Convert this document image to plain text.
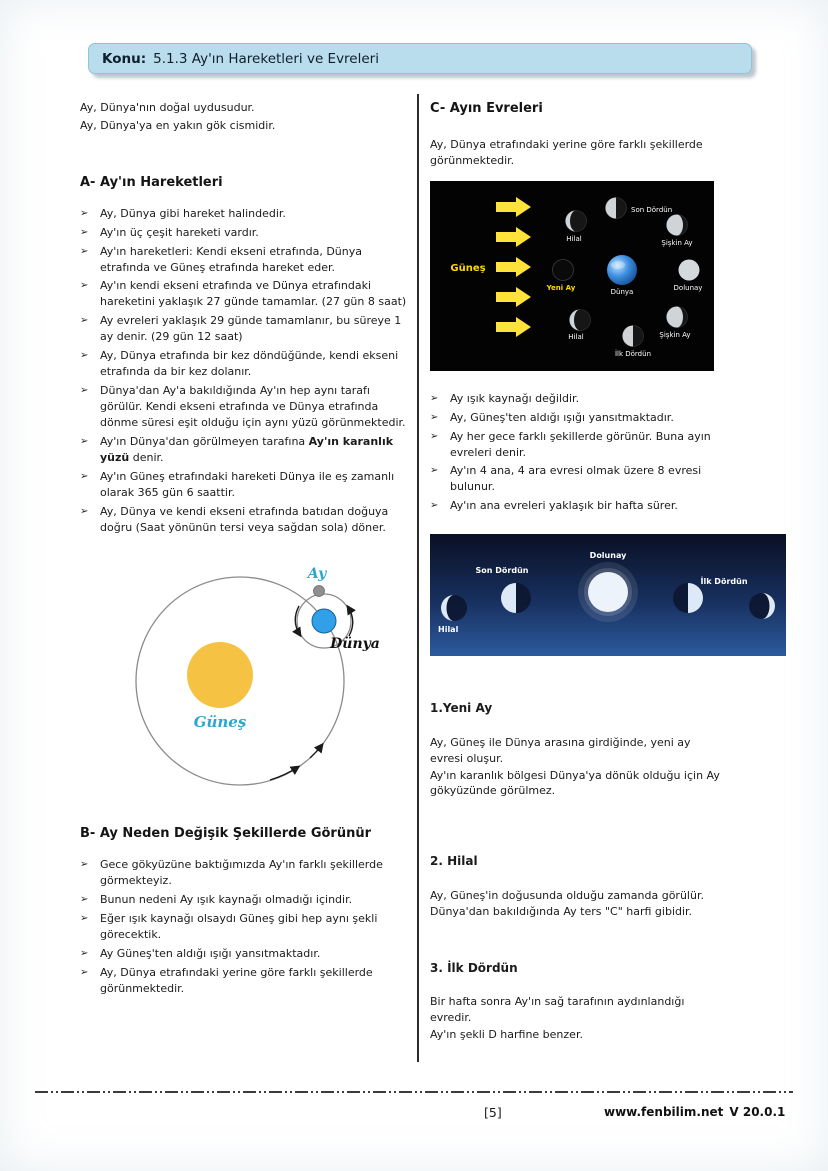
Konu: 5.1.3 Ay'ın Hareketleri ve Evreleri
Ay, Dünya'nın doğal uydusudur.
Ay, Dünya'ya en yakın gök cismidir.
A- Ay'ın Hareketleri
➢	Ay, Dünya gibi hareket halindedir.
➢	Ay'ın üç çeşit hareketi vardır.
➢	Ay'ın hareketleri: Kendi ekseni etrafında, Dünya etrafında ve Güneş etrafında hareket eder.
➢	Ay'ın kendi ekseni etrafında ve Dünya etrafındaki hareketini yaklaşık 27 günde tamamlar. (27 gün 8 saat)
➢	Ay evreleri yaklaşık 29 günde tamamlanır, bu süreye 1 ay denir. (29 gün 12 saat)
➢	Ay, Dünya etrafında bir kez döndüğünde, kendi ekseni etrafında da bir kez dolanır.
➢	Dünya'dan Ay'a bakıldığında Ay'ın hep aynı tarafı görülür. Kendi ekseni etrafında ve Dünya etrafında dönme süresi eşit olduğu için aynı yüzü görünmektedir.
➢	Ay'ın Dünya'dan görülmeyen tarafına Ay'ın karanlık yüzü denir.
➢	Ay'ın Güneş etrafındaki hareketi Dünya ile eş zamanlı olarak 365 gün 6 saattir.
➢	Ay, Dünya ve kendi ekseni etrafında batıdan doğuya doğru (Saat yönünün tersi veya sağdan sola) döner.
Güneş
Ay
Dünya
B- Ay Neden Değişik Şekillerde Görünür
➢	Gece gökyüzüne baktığımızda Ay'ın farklı şekillerde görmekteyiz.
➢	Bunun nedeni Ay ışık kaynağı olmadığı içindir.
➢	Eğer ışık kaynağı olsaydı Güneş gibi hep aynı şekli görecektik.
➢	Ay Güneş'ten aldığı ışığı yansıtmaktadır.
➢	Ay, Dünya etrafındaki yerine göre farklı şekillerde görünmektedir.
C- Ayın Evreleri
Ay, Dünya etrafındaki yerine göre farklı şekillerde görünmektedir.
Güneş
Dünya
Yeni Ay
Hilal
Son Dördün
Şişkin Ay
Dolunay
Şişkin Ay
İlk Dördün
Hilal
➢	Ay ışık kaynağı değildir.
➢	Ay, Güneş'ten aldığı ışığı yansıtmaktadır.
➢	Ay her gece farklı şekillerde görünür. Buna ayın evreleri denir.
➢	Ay'ın 4 ana, 4 ara evresi olmak üzere 8 evresi bulunur.
➢	Ay'ın ana evreleri yaklaşık bir hafta sürer.
Hilal
Son Dördün
Dolunay
İlk Dördün
1.Yeni Ay
Ay, Güneş ile Dünya arasına girdiğinde, yeni ay evresi oluşur.
Ay'ın karanlık bölgesi Dünya'ya dönük olduğu için Ay gökyüzünde görülmez.
2. Hilal
Ay, Güneş'in doğusunda olduğu zamanda görülür. Dünya'dan bakıldığında Ay ters "C" harfi gibidir.
3. İlk Dördün
Bir hafta sonra Ay'ın sağ tarafının aydınlandığı evredir.
Ay'ın şekli D harfine benzer.
[5]	www.fenbilim.net V 20.0.1
